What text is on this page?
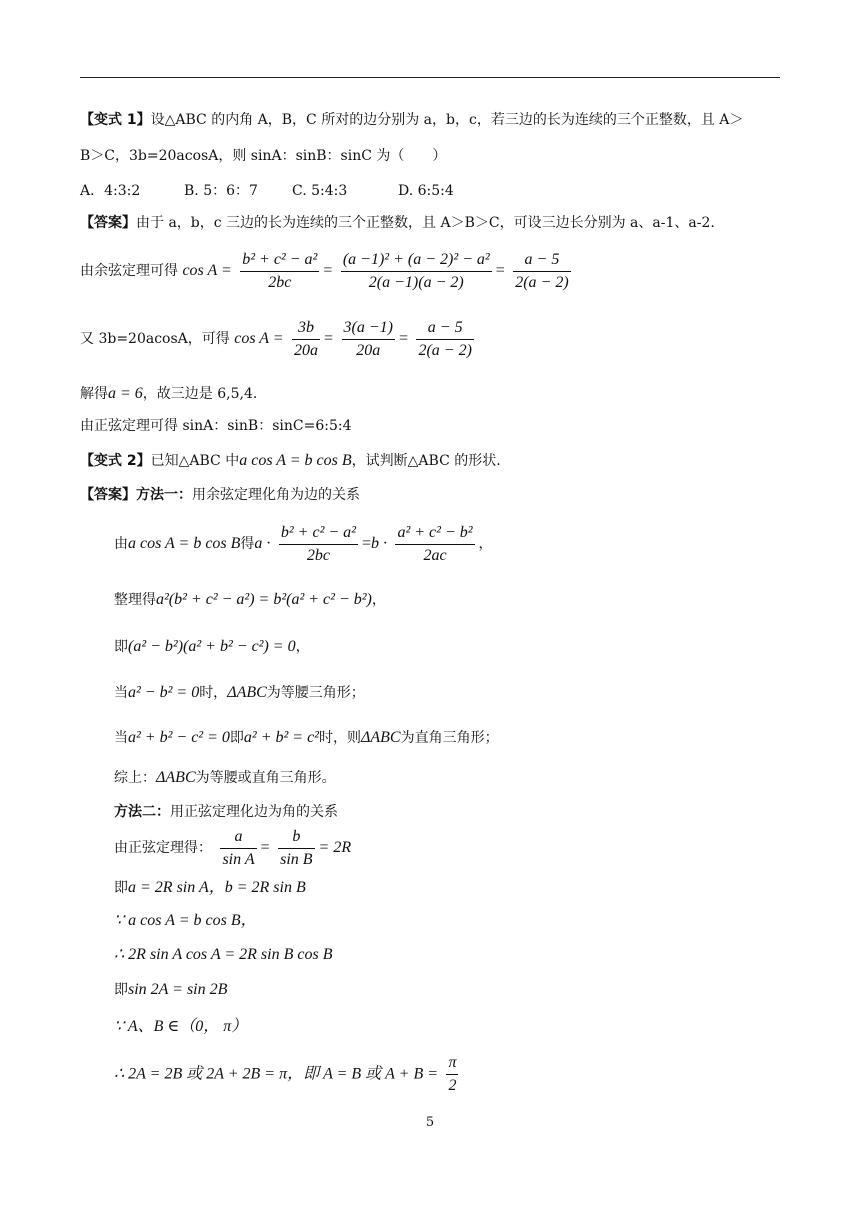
【变式 1】设△ABC 的内角 A，B，C 所对的边分别为 a，b，c，若三边的长为连续的三个正整数，且 A＞
B＞C，3b=20acosA，则 sinA：sinB：sinC 为（　　）
A．4:3:2	B. 5：6：7 C. 5:4:3	D. 6:5:4
【答案】由于 a，b，c 三边的长为连续的三个正整数，且 A＞B＞C，可设三边长分别为 a、a-1、a-2.
由余弦定理可得 $\cos A = \frac{\text{b² + c² − a²}}{2bc} = \frac{\text{(a −1)² + (a − 2)² − a²}}{2(a -1)(a - 2)} = \frac{a - 5}{2(a - 2)}$
又 3b=20acosA，可得 $\cos A = \frac{3b}{20a} = \frac{3(a -1)}{20a} = \frac{a - 5}{2(a - 2)}$
解得a = 6，故三边是 6,5,4.
由正弦定理可得 sinA：sinB：sinC=6:5:4
【变式 2】已知△ABC 中a cos A = b cos B，试判断△ABC 的形状.
【答案】方法一：用余弦定理化角为边的关系
由a cos A = b cos B得$a \cdot \frac{\text{b² + c² − a²}}{2bc} =b \cdot \frac{\text{a² + c² − b²}}{2ac}$ ，
整理得a²(b² + c² − a²) = b²(a² + c² − b²)，
即(a² − b²)(a² + b² − c²) = 0，
当a² − b² = 0时，ΔABC为等腰三角形；
当a² + b² − c² = 0即a² + b² = c²时，则ΔABC为直角三角形；
综上：ΔABC为等腰或直角三角形。
方法二：用正弦定理化边为角的关系
由正弦定理得： $\frac{a}{\text{sin A}} = \frac{b}{\text{sin B}} = 2R$
即a = 2R sin A，b = 2R sin B
∵ a cos A = b cos B，
∴ 2R sin A cos A = 2R sin B cos B
即sin 2A = sin 2B
∵ A、B ∈（0， π）
∴ 2A = 2B 或 2A + 2B = π，即 A = B 或 $A + B = \frac{\pi}{2}$
5
